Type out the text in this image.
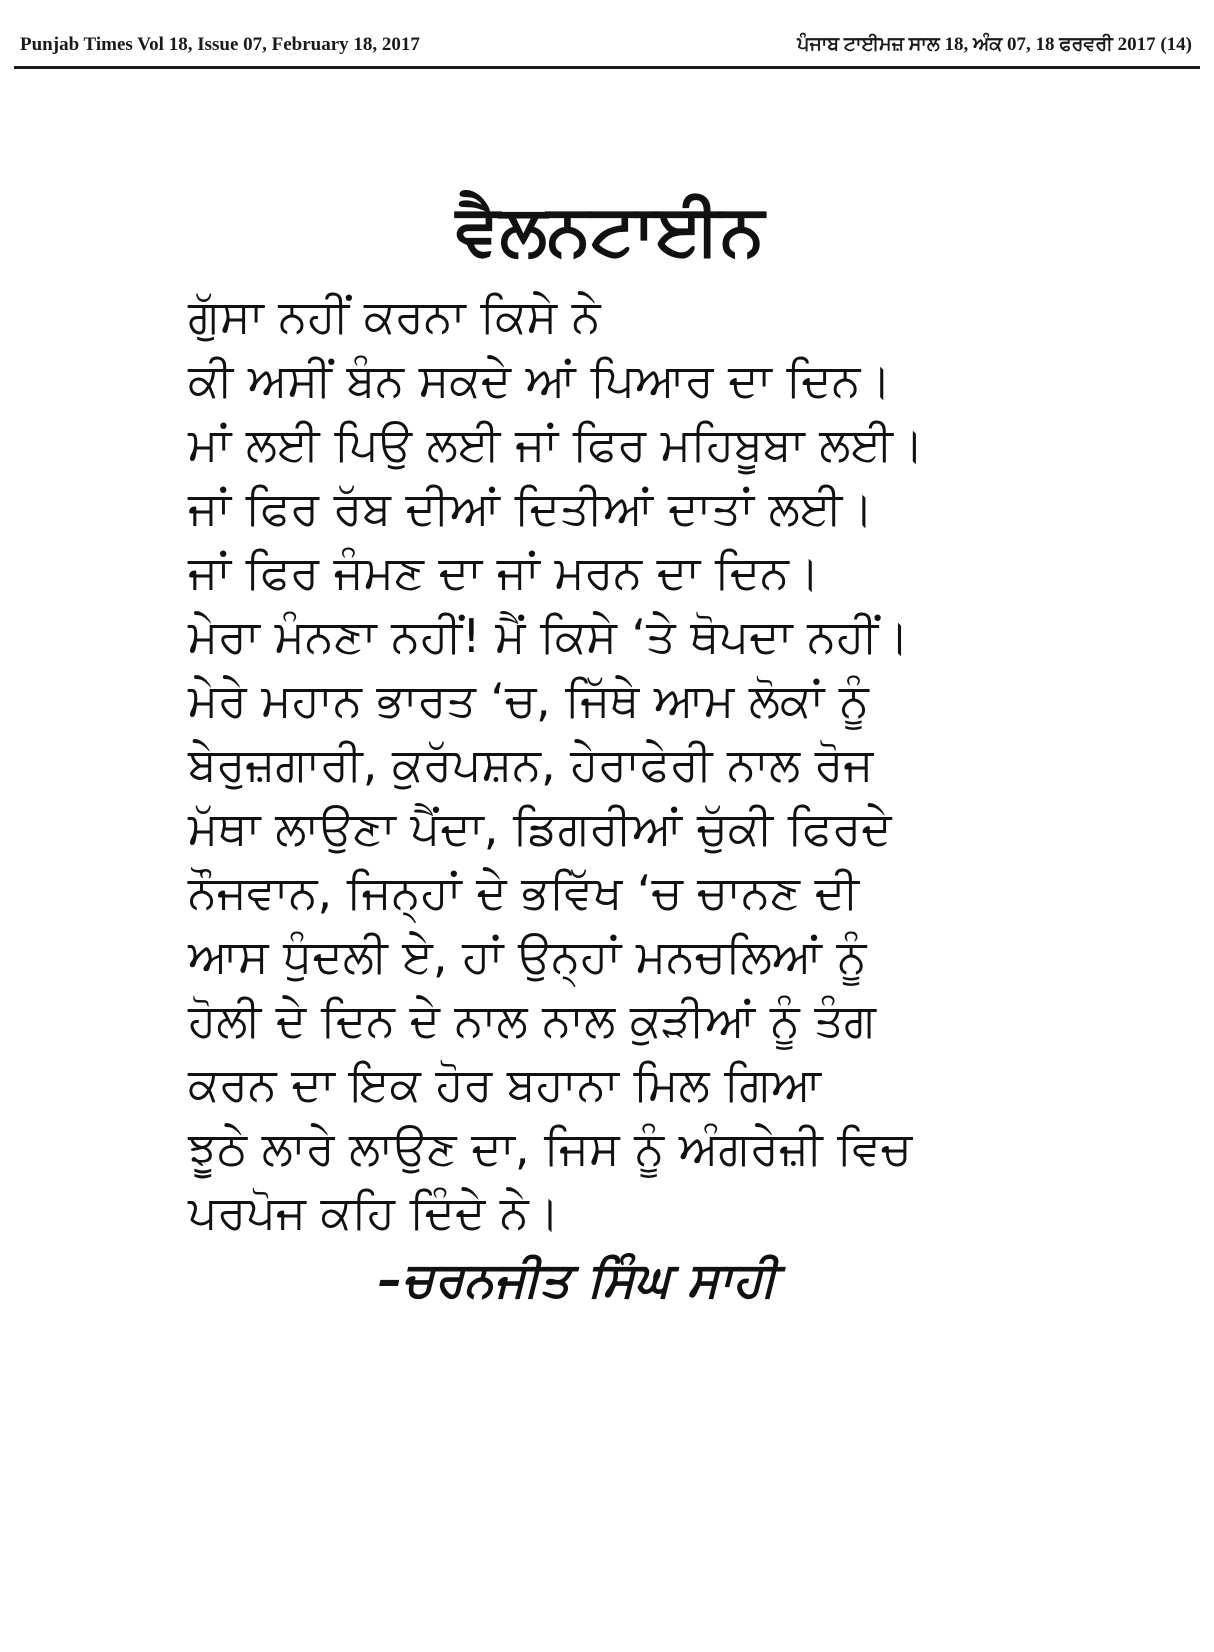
Punjab Times Vol 18, Issue 07, February 18, 2017	ਪੰਜਾਬ ਟਾਈਮਜ਼ ਸਾਲ 18, ਅੰਕ 07, 18 ਫਰਵਰੀ 2017 (14)
ਵੈਲਨਟਾਈਨ
ਗੁੱਸਾ ਨਹੀਂ ਕਰਨਾ ਕਿਸੇ ਨੇ
ਕੀ ਅਸੀਂ ਬੰਨ ਸਕਦੇ ਆਂ ਪਿਆਰ ਦਾ ਦਿਨ।
ਮਾਂ ਲਈ ਪਿਉ ਲਈ ਜਾਂ ਫਿਰ ਮਹਿਬੂਬਾ ਲਈ।
ਜਾਂ ਫਿਰ ਰੱਬ ਦੀਆਂ ਦਿਤੀਆਂ ਦਾਤਾਂ ਲਈ।
ਜਾਂ ਫਿਰ ਜੰਮਣ ਦਾ ਜਾਂ ਮਰਨ ਦਾ ਦਿਨ।
ਮੇਰਾ ਮੰਨਣਾ ਨਹੀਂ! ਮੈਂ ਕਿਸੇ ‘ਤੇ ਥੋਪਦਾ ਨਹੀਂ।
ਮੇਰੇ ਮਹਾਨ ਭਾਰਤ ‘ਚ, ਜਿੱਥੇ ਆਮ ਲੋਕਾਂ ਨੂੰ
ਬੇਰੁਜ਼ਗਾਰੀ, ਕੁਰੱਪਸ਼ਨ, ਹੇਰਾਫੇਰੀ ਨਾਲ ਰੋਜ
ਮੱਥਾ ਲਾਉਣਾ ਪੈਂਦਾ, ਡਿਗਰੀਆਂ ਚੁੱਕੀ ਫਿਰਦੇ
ਨੌਜਵਾਨ, ਜਿਨ੍ਹਾਂ ਦੇ ਭਵਿੱਖ ‘ਚ ਚਾਨਣ ਦੀ
ਆਸ ਧੁੰਦਲੀ ਏ, ਹਾਂ ਉਨ੍ਹਾਂ ਮਨਚਲਿਆਂ ਨੂੰ
ਹੋਲੀ ਦੇ ਦਿਨ ਦੇ ਨਾਲ ਨਾਲ ਕੁੜੀਆਂ ਨੂੰ ਤੰਗ
ਕਰਨ ਦਾ ਇਕ ਹੋਰ ਬਹਾਨਾ ਮਿਲ ਗਿਆ
ਝੂਠੇ ਲਾਰੇ ਲਾਉਣ ਦਾ, ਜਿਸ ਨੂੰ ਅੰਗਰੇਜ਼ੀ ਵਿਚ
ਪਰਪੋਜ ਕਹਿ ਦਿੰਦੇ ਨੇ।
–ਚਰਨਜੀਤ ਸਿੰਘ ਸਾਹੀ
